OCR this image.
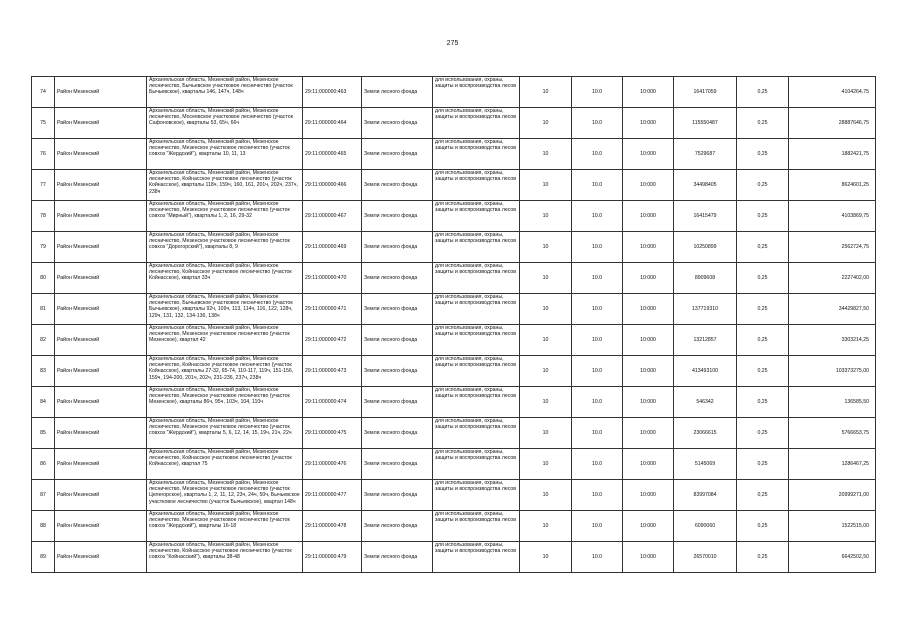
275
74	Район Мезенский	Архангельская область, Мезенский район, Мезенское лесничество, Бычьевское участковое лесничество (участок Бычьевское), кварталы 146, 147ч, 148ч	29:11:000000:463	Земли лесного фонда	для использования, охраны, защиты и воспроизводства лесов	10	10.0	10:000	16417059	0,25	4104264,75
75	Район Мезенский	Архангельская область, Мезенский район, Мезенское лесничество, Мосеевское участковое лесничество (участок Сафоновское), кварталы 53, 65ч, 66ч	29:11:000000:464	Земли лесного фонда	для использования, охраны, защиты и воспроизводства лесов	10	10.0	10:000	115550487	0,25	28887646,75
76	Район Мезенский	Архангельская область, Мезенский район, Мезенское лесничество, Мезенское участковое лесничество (участок совхоз "Жердский"), кварталы 10, 11, 13	29:11:000000:465	Земли лесного фонда	для использования, охраны, защиты и воспроизводства лесов	10	10.0	10:000	7529687	0,25	1882421,75
77	Район Мезенский	Архангельская область, Мезенский район, Мезенское лесничество, Койнасское участковое лесничество (участок Койнасское), кварталы 118ч, 159ч, 160, 161, 201ч, 202ч, 237ч, 238ч	29:11:000000:466	Земли лесного фонда	для использования, охраны, защиты и воспроизводства лесов	10	10.0	10:000	34498405	0,25	8624601,25
78	Район Мезенский	Архангельская область, Мезенский район, Мезенское лесничество, Мезенское участковое лесничество (участок совхоз "Мирный"), кварталы 1, 2, 16, 29-32	29:11:000000:467	Земли лесного фонда	для использования, охраны, защиты и воспроизводства лесов	10	10.0	10:000	16415479	0,25	4103869,75
79	Район Мезенский	Архангельская область, Мезенский район, Мезенское лесничество, Мезенское участковое лесничество (участок совхоз "Дорогорский"), кварталы 8, 9	29:11:000000:469	Земли лесного фонда	для использования, охраны, защиты и воспроизводства лесов	10	10.0	10:000	10250899	0,25	2562724,75
80	Район Мезенский	Архангельская область, Мезенский район, Мезенское лесничество, Койнасское участковое лесничество (участок Койнасское), квартал 33ч	29:11:000000:470	Земли лесного фонда	для использования, охраны, защиты и воспроизводства лесов	10	10.0	10:000	8909608	0,25	2227402,00
81	Район Мезенский	Архангельская область, Мезенский район, Мезенское лесничество, Бычьевское участковое лесничество (участок Бычьевское), кварталы 92ч, 109ч, 113, 114ч, 116, 122, 128ч, 129ч, 131, 132, 134-136, 138ч	29:11:000000:471	Земли лесного фонда	для использования, охраны, защиты и воспроизводства лесов	10	10.0	10:000	137719310	0,25	34429827,50
82	Район Мезенский	Архангельская область, Мезенский район, Мезенское лесничество, Мезенское участковое лесничество (участок Мезенское), квартал 42	29:11:000000:472	Земли лесного фонда	для использования, охраны, защиты и воспроизводства лесов	10	10.0	10:000	13212857	0,25	3303214,25
83	Район Мезенский	Архангельская область, Мезенский район, Мезенское лесничество, Койнасское участковое лесничество (участок Койнасское), кварталы 27-32, 65-74, 110-117, 119ч, 151-156, 159ч, 194-200, 201ч, 202ч, 231-236, 237ч, 238ч	29:11:000000:473	Земли лесного фонда	для использования, охраны, защиты и воспроизводства лесов	10	10.0	10:000	413493100	0,25	103373275,00
84	Район Мезенский	Архангельская область, Мезенский район, Мезенское лесничество, Мезенское участковое лесничество (участок Мезенское), кварталы 86ч, 95ч, 103ч, 104, 110ч	29:11:000000:474	Земли лесного фонда	для использования, охраны, защиты и воспроизводства лесов	10	10.0	10:000	546342	0,25	136585,50
85	Район Мезенский	Архангельская область, Мезенский район, Мезенское лесничество, Мезенское участковое лесничество (участок совхоз "Жердский"), кварталы 5, 6, 12, 14, 15, 19ч, 21ч, 22ч	29:11:000000:475	Земли лесного фонда	для использования, охраны, защиты и воспроизводства лесов	10	10.0	10:000	23066615	0,25	5766653,75
86	Район Мезенский	Архангельская область, Мезенский район, Мезенское лесничество, Койнасское участковое лесничество (участок Койнасское), квартал 75	29:11:000000:476	Земли лесного фонда	для использования, охраны, защиты и воспроизводства лесов	10	10.0	10:000	5145069	0,25	1286467,25
87	Район Мезенский	Архангельская область, Мезенский район, Мезенское лесничество, Мезенское участковое лесничество (участок Целегорское), кварталы 1, 2, 11, 12, 23ч, 24ч, 50ч, Бычьевское участковое лесничество (участок Бычьевское), квартал 148ч	29:11:000000:477	Земли лесного фонда	для использования, охраны, защиты и воспроизводства лесов	10	10.0	10:000	83997084	0,25	20999271,00
88	Район Мезенский	Архангельская область, Мезенский район, Мезенское лесничество, Мезенское участковое лесничество (участок совхоз "Жердский"), кварталы 16-18	29:11:000000:478	Земли лесного фонда	для использования, охраны, защиты и воспроизводства лесов	10	10.0	10:000	6090060	0,25	1522515,00
89	Район Мезенский	Архангельская область, Мезенский район, Мезенское лесничество, Койнасское участковое лесничество (участок совхоз "Койнасский"), кварталы 38-48	29:11:000000:479	Земли лесного фонда	для использования, охраны, защиты и воспроизводства лесов	10	10.0	10:000	26570010	0,25	6642502,50
